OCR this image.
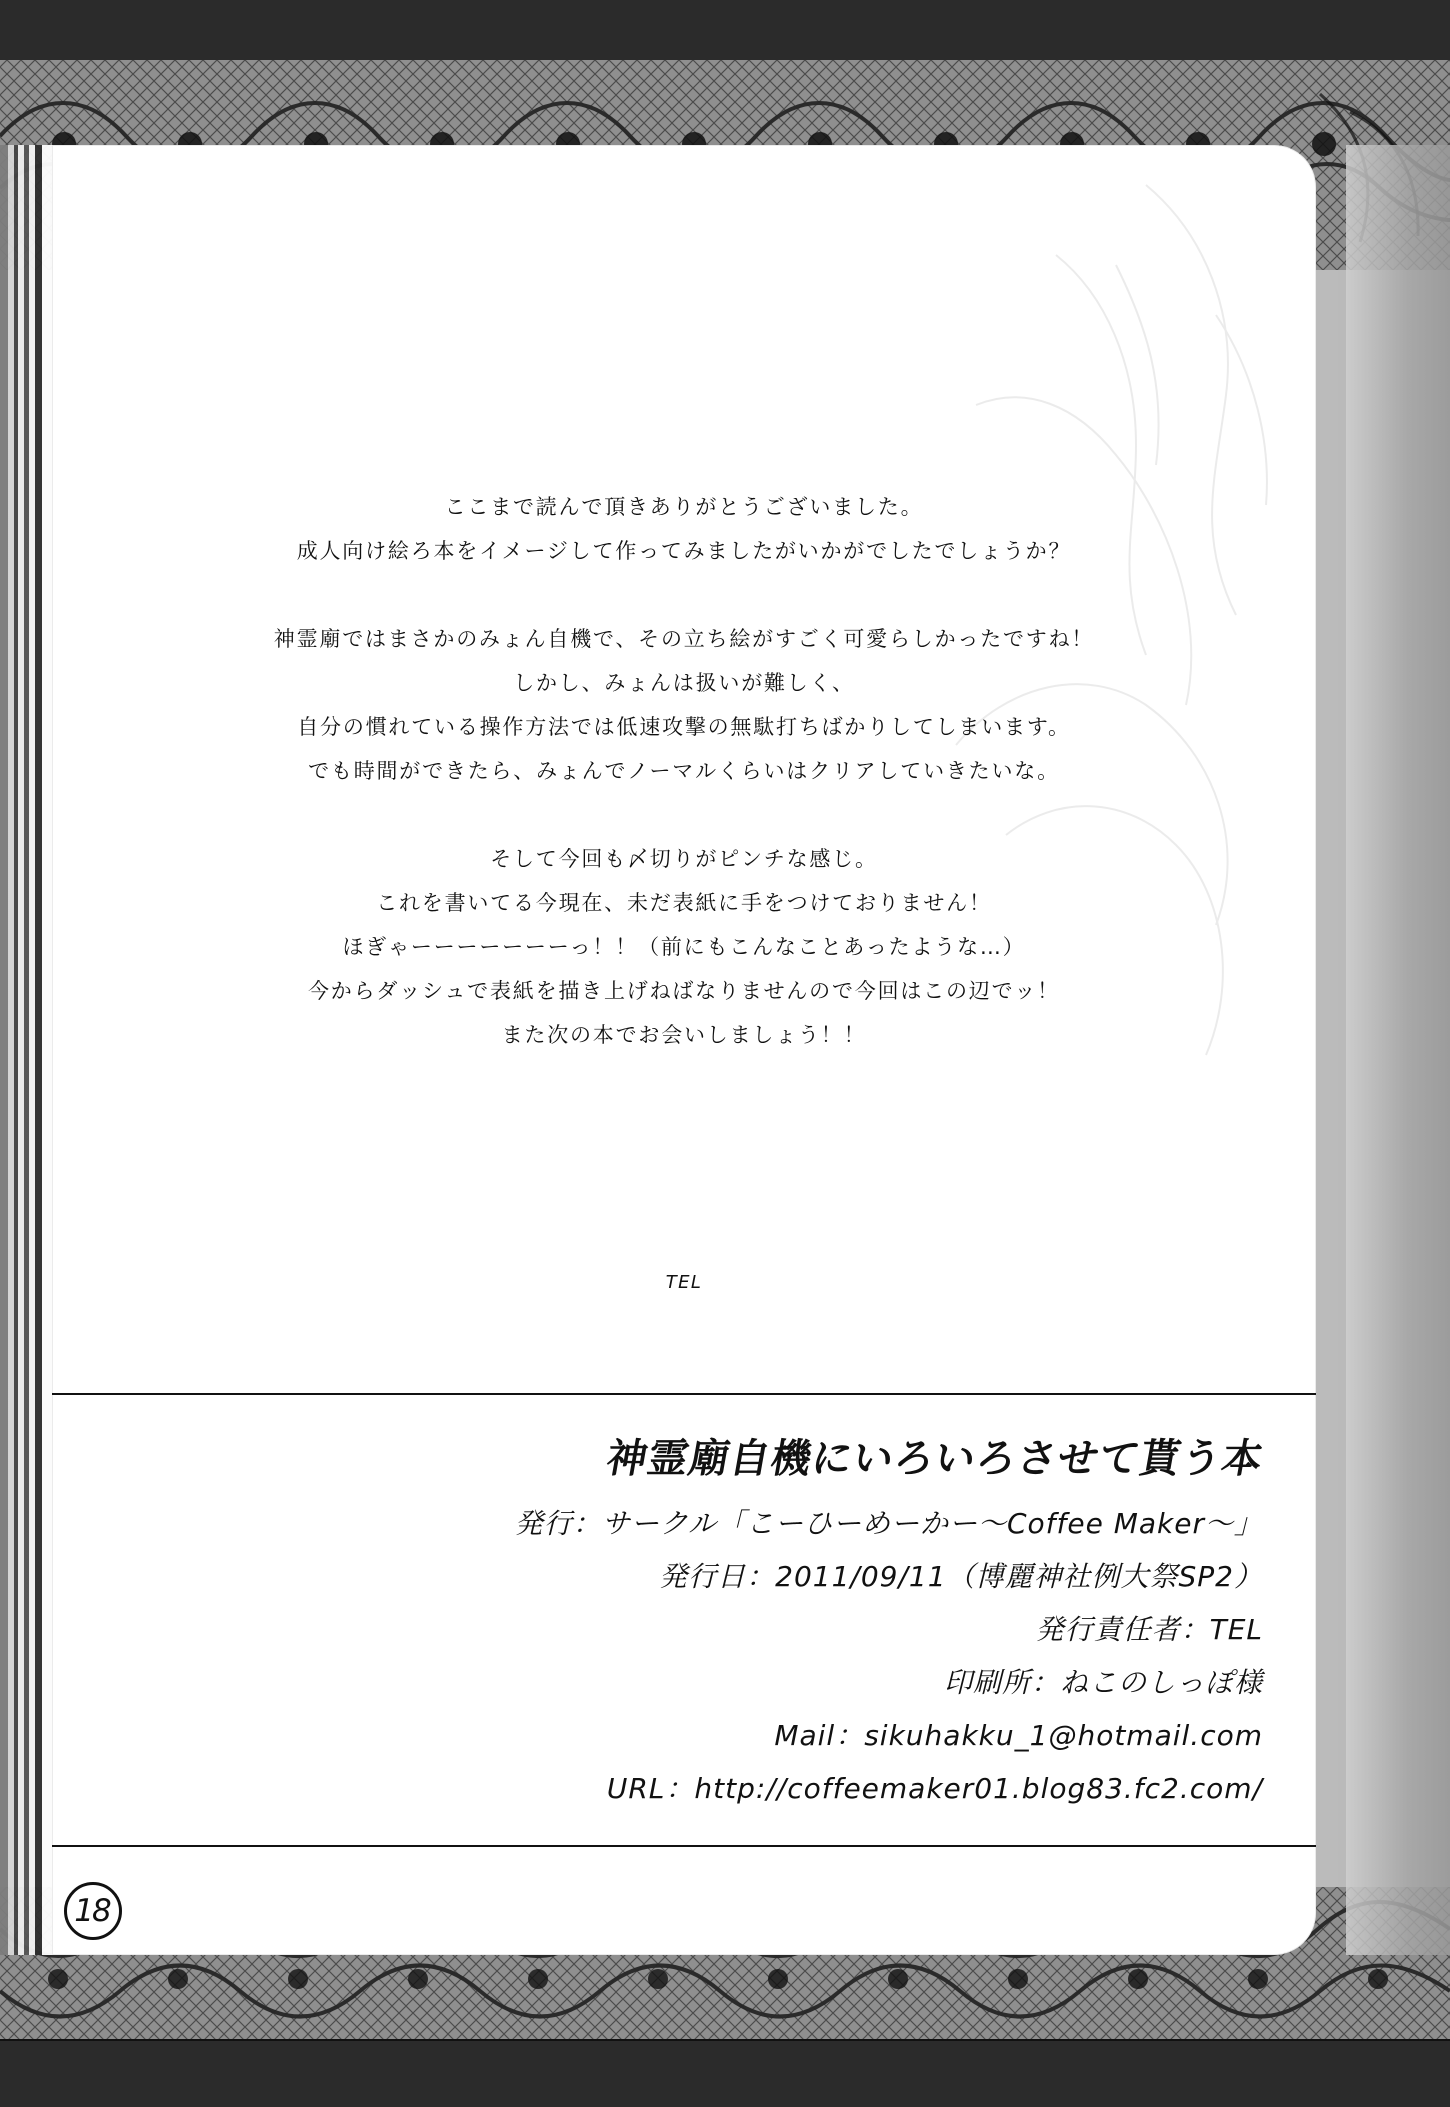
ここまで読んで頂きありがとうございました。
成人向け絵ろ本をイメージして作ってみましたがいかがでしたでしょうか？
神霊廟ではまさかのみょん自機で、その立ち絵がすごく可愛らしかったですね！
しかし、みょんは扱いが難しく、
自分の慣れている操作方法では低速攻撃の無駄打ちばかりしてしまいます。
でも時間ができたら、みょんでノーマルくらいはクリアしていきたいな。
そして今回も〆切りがピンチな感じ。
これを書いてる今現在、未だ表紙に手をつけておりません！
ほぎゃーーーーーーーっ！！（前にもこんなことあったような…）
今からダッシュで表紙を描き上げねばなりませんので今回はこの辺でッ！
また次の本でお会いしましょう！！
TEL
神霊廟自機にいろいろさせて貰う本
発行：サークル「こーひーめーかー〜Coffee Maker〜」
発行日：2011/09/11（博麗神社例大祭SP2）
発行責任者：TEL
印刷所：ねこのしっぽ様
Mail：sikuhakku_1@hotmail.com
URL：http://coffeemaker01.blog83.fc2.com/
18
